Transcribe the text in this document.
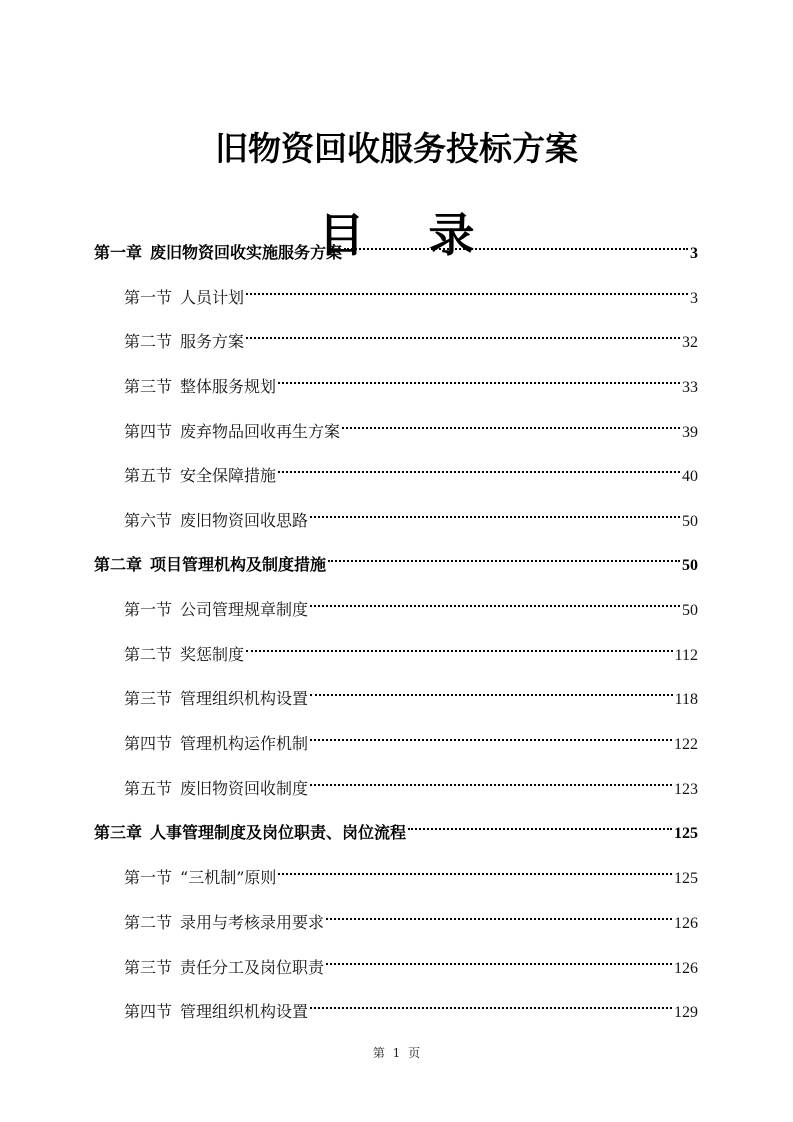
旧物资回收服务投标方案
目 录
第一章 废旧物资回收实施服务方案	3
第一节 人员计划	3
第二节 服务方案	32
第三节 整体服务规划	33
第四节 废弃物品回收再生方案	39
第五节 安全保障措施	40
第六节 废旧物资回收思路	50
第二章 项目管理机构及制度措施	50
第一节 公司管理规章制度	50
第二节 奖惩制度	112
第三节 管理组织机构设置	118
第四节 管理机构运作机制	122
第五节 废旧物资回收制度	123
第三章 人事管理制度及岗位职责、岗位流程	125
第一节 “三机制”原则	125
第二节 录用与考核录用要求	126
第三节 责任分工及岗位职责	126
第四节 管理组织机构设置	129
第 1 页
